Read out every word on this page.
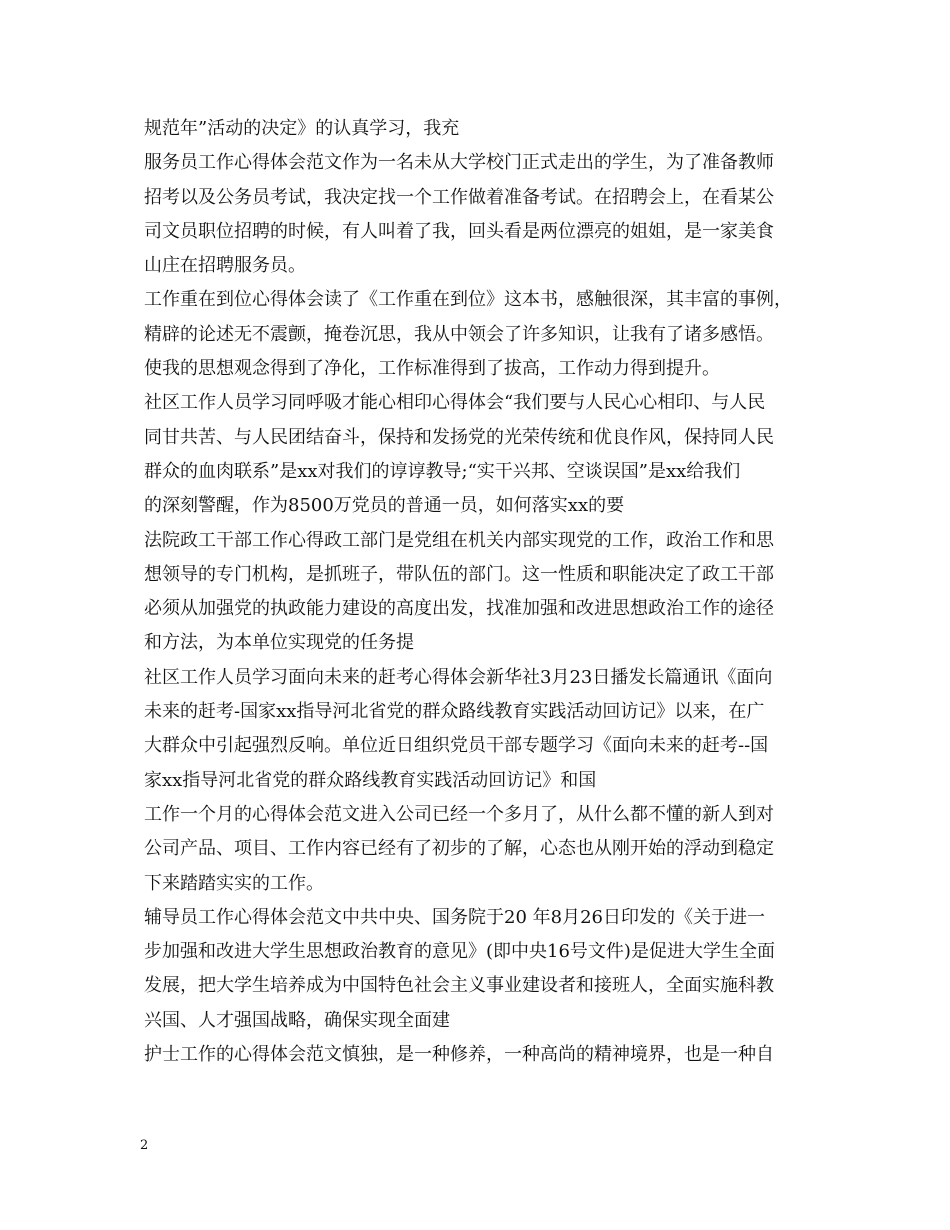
规范年”活动的决定》的认真学习，我充
服务员工作心得体会范文作为一名未从大学校门正式走出的学生，为了准备教师
招考以及公务员考试，我决定找一个工作做着准备考试。在招聘会上，在看某公
司文员职位招聘的时候，有人叫着了我，回头看是两位漂亮的姐姐，是一家美食
山庄在招聘服务员。
工作重在到位心得体会读了《工作重在到位》这本书，感触很深，其丰富的事例，
精辟的论述无不震颤，掩卷沉思，我从中领会了许多知识，让我有了诸多感悟。
使我的思想观念得到了净化，工作标准得到了拔高，工作动力得到提升。
社区工作人员学习同呼吸才能心相印心得体会“我们要与人民心心相印、与人民
同甘共苦、与人民团结奋斗，保持和发扬党的光荣传统和优良作风，保持同人民
群众的血肉联系”是xx对我们的谆谆教导;“实干兴邦、空谈误国”是xx给我们
的深刻警醒，作为8500万党员的普通一员，如何落实xx的要
法院政工干部工作心得政工部门是党组在机关内部实现党的工作，政治工作和思
想领导的专门机构，是抓班子，带队伍的部门。这一性质和职能决定了政工干部
必须从加强党的执政能力建设的高度出发，找准加强和改进思想政治工作的途径
和方法，为本单位实现党的任务提
社区工作人员学习面向未来的赶考心得体会新华社3月23日播发长篇通讯《面向
未来的赶考-国家xx指导河北省党的群众路线教育实践活动回访记》以来，在广
大群众中引起强烈反响。单位近日组织党员干部专题学习《面向未来的赶考--国
家xx指导河北省党的群众路线教育实践活动回访记》和国
工作一个月的心得体会范文进入公司已经一个多月了，从什么都不懂的新人到对
公司产品、项目、工作内容已经有了初步的了解，心态也从刚开始的浮动到稳定
下来踏踏实实的工作。
辅导员工作心得体会范文中共中央、国务院于20 年8月26日印发的《关于进一
步加强和改进大学生思想政治教育的意见》(即中央16号文件)是促进大学生全面
发展，把大学生培养成为中国特色社会主义事业建设者和接班人，全面实施科教
兴国、人才强国战略，确保实现全面建
护士工作的心得体会范文慎独，是一种修养，一种高尚的精神境界，也是一种自
2
